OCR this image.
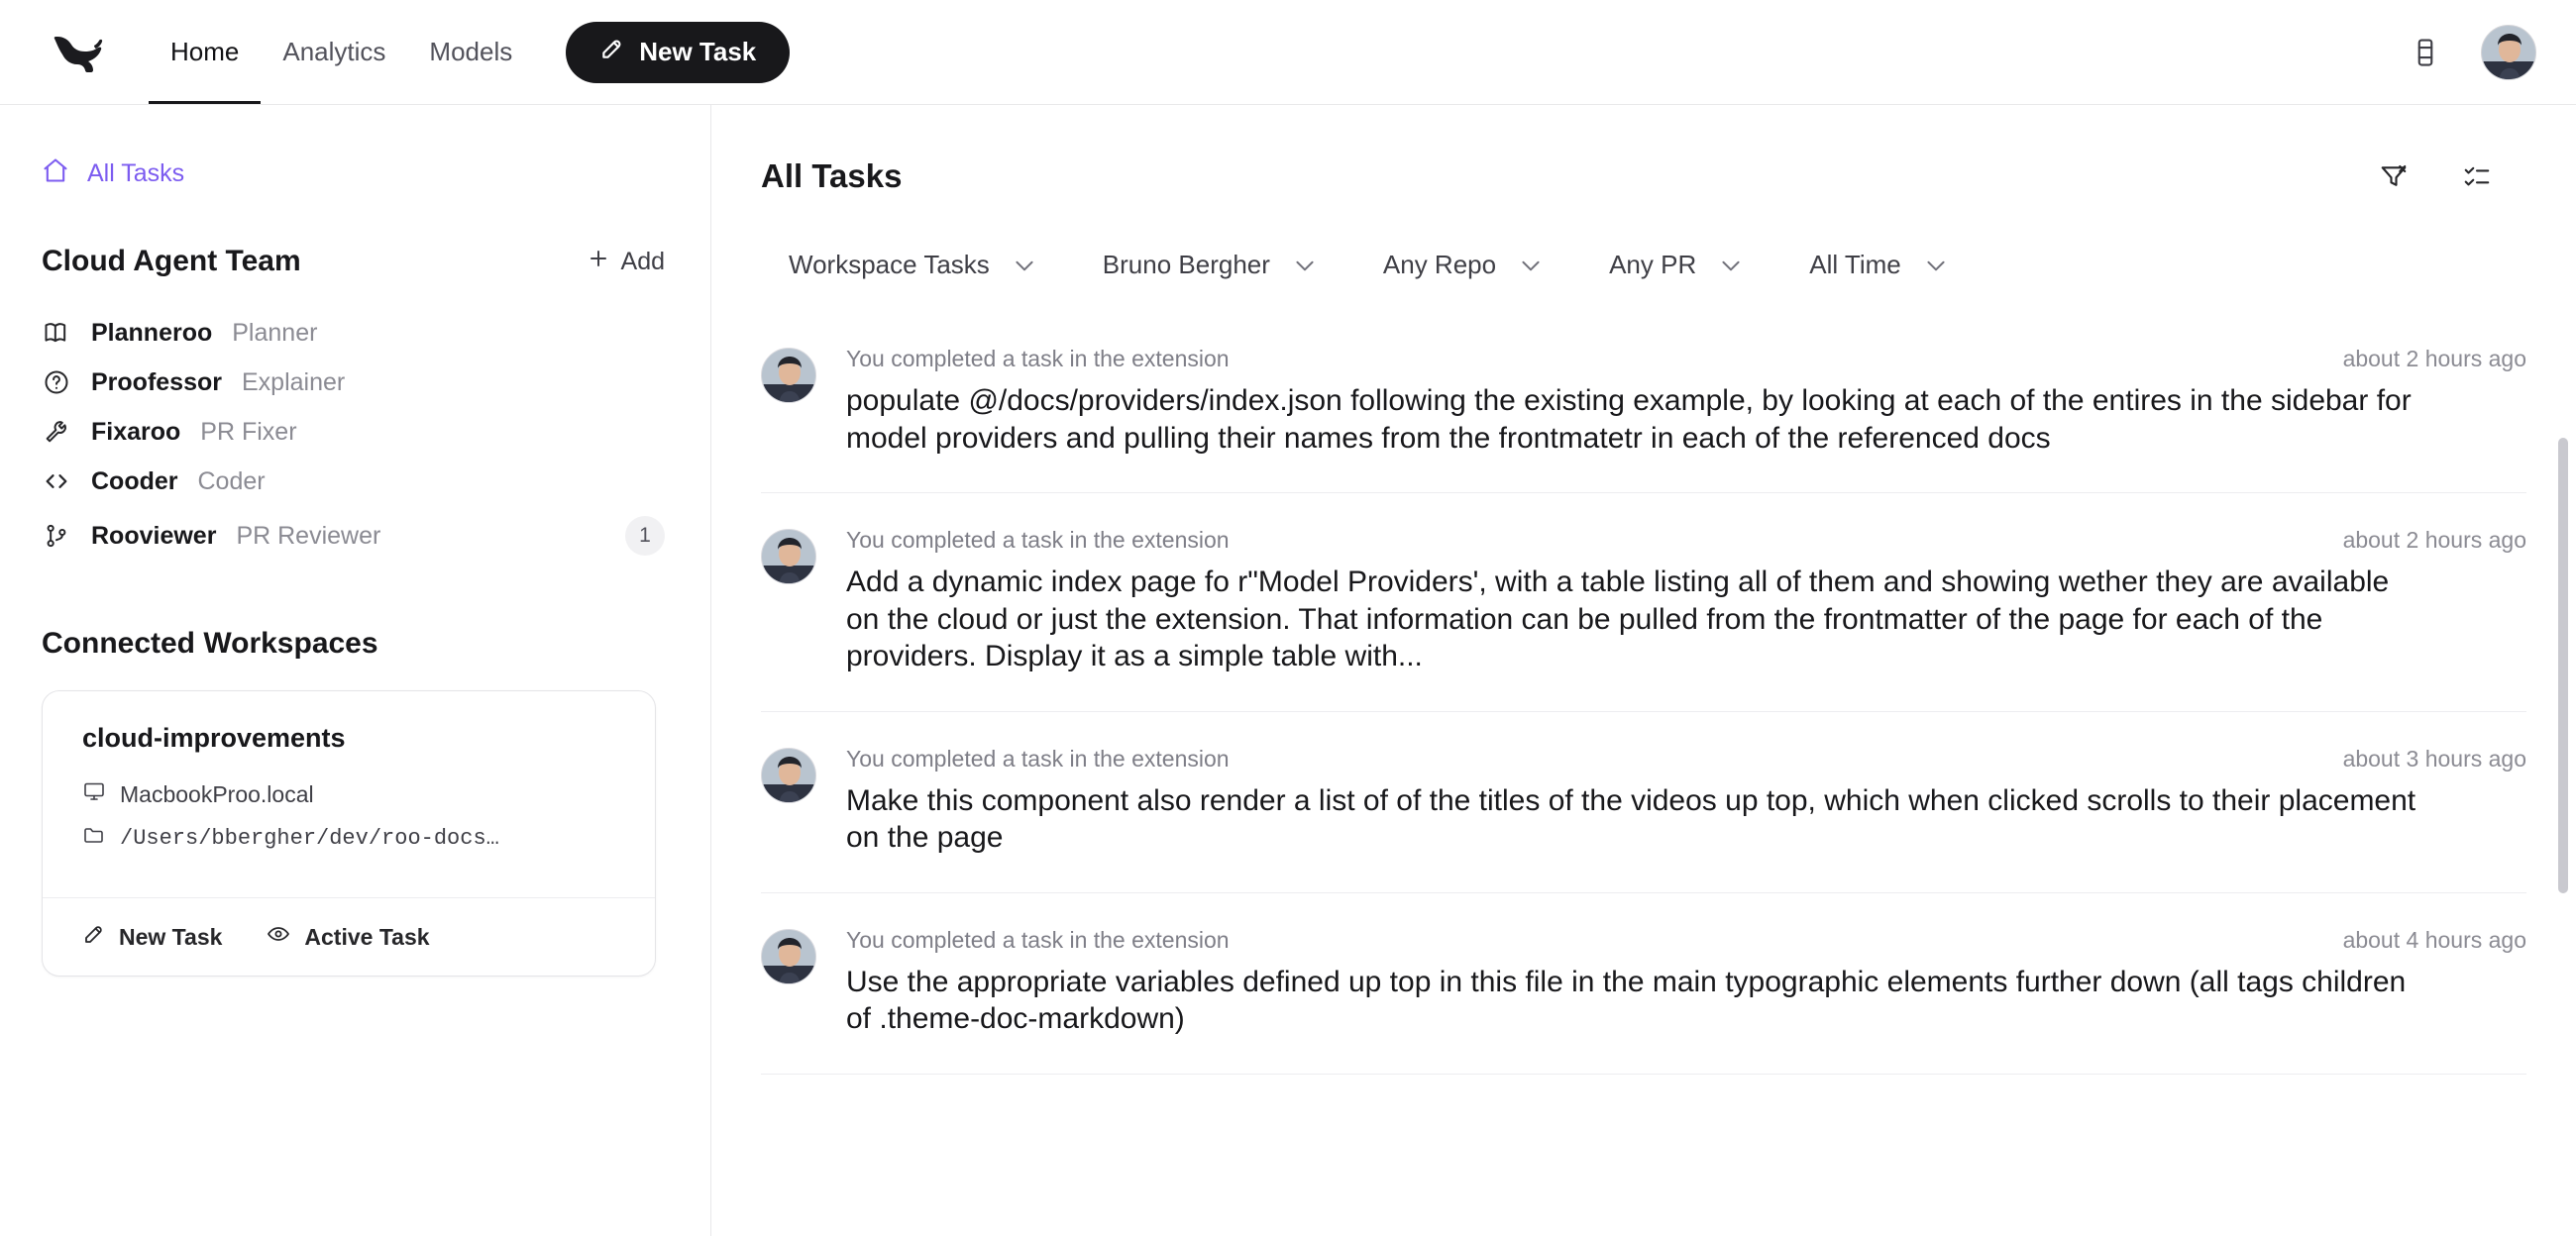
Home Analytics Models	New Task
All Tasks
Cloud Agent Team	Add
Planneroo Planner
Proofessor Explainer
Fixaroo PR Fixer
Cooder Coder
Rooviewer PR Reviewer	1
Connected Workspaces
cloud-improvements
MacbookProo.local
/Users/bbergher/dev/roo-docs…
New Task	Active Task
All Tasks
Workspace Tasks	Bruno Bergher	Any Repo	Any PR	All Time
You completed a task in the extension	about 2 hours ago
populate @/docs/providers/index.json following the existing example, by looking at each of the entires in the sidebar for model providers and pulling their names from the frontmatetr in each of the referenced docs
You completed a task in the extension	about 2 hours ago
Add a dynamic index page fo r"Model Providers', with a table listing all of them and showing wether they are available on the cloud or just the extension. That information can be pulled from the frontmatter of the page for each of the providers. Display it as a simple table with...
You completed a task in the extension	about 3 hours ago
Make this component also render a list of of the titles of the videos up top, which when clicked scrolls to their placement on the page
You completed a task in the extension	about 4 hours ago
Use the appropriate variables defined up top in this file in the main typographic elements further down (all tags children of .theme-doc-markdown)
